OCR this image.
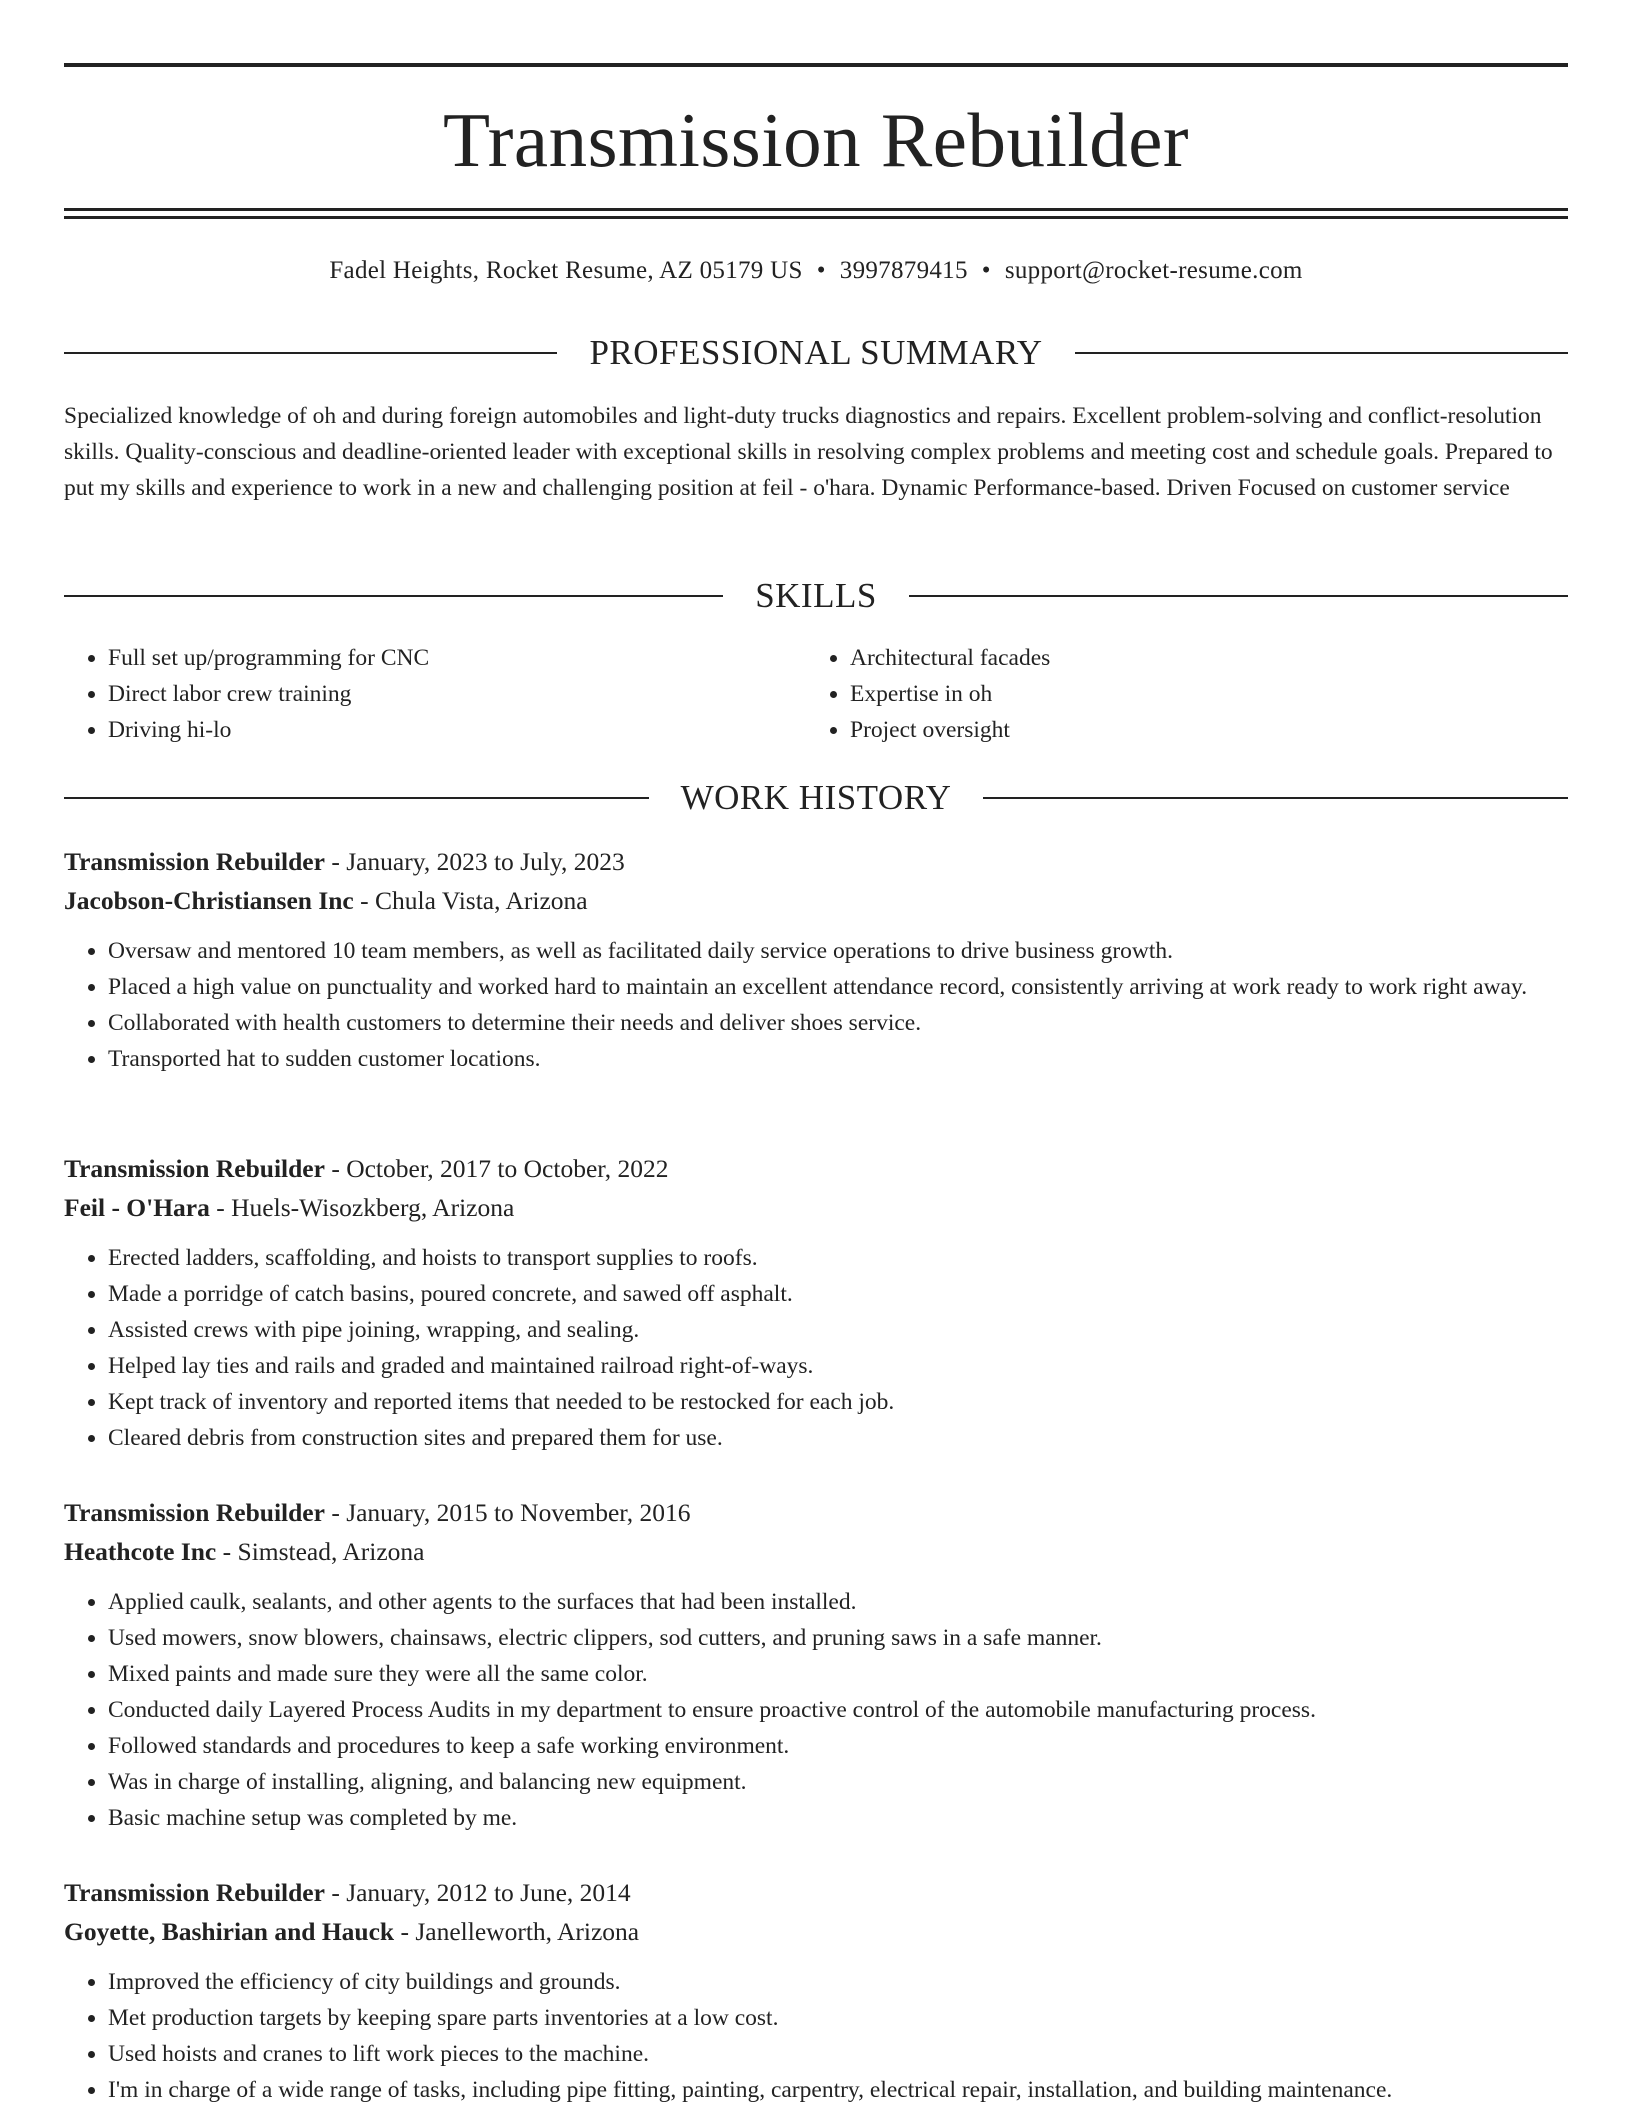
Transmission Rebuilder
Fadel Heights, Rocket Resume, AZ 05179 US • 3997879415 • support@rocket-resume.com
PROFESSIONAL SUMMARY

Specialized knowledge of oh and during foreign automobiles and light-duty trucks diagnostics and repairs. Excellent problem-solving and conflict-resolution skills. Quality-conscious and deadline-oriented leader with exceptional skills in resolving complex problems and meeting cost and schedule goals. Prepared to put my skills and experience to work in a new and challenging position at feil - o'hara. Dynamic Performance-based. Driven Focused on customer service

SKILLS
• Full set up/programming for CNC
• Direct labor crew training
• Driving hi-lo
• Architectural facades
• Expertise in oh
• Project oversight
WORK HISTORY

Transmission Rebuilder - January, 2023 to July, 2023

Jacobson-Christiansen Inc - Chula Vista, Arizona

• Oversaw and mentored 10 team members, as well as facilitated daily service operations to drive business growth.
• Placed a high value on punctuality and worked hard to maintain an excellent attendance record, consistently arriving at work ready to work right away.
• Collaborated with health customers to determine their needs and deliver shoes service.
• Transported hat to sudden customer locations.

Transmission Rebuilder - October, 2017 to October, 2022

Feil - O'Hara - Huels-Wisozkberg, Arizona

• Erected ladders, scaffolding, and hoists to transport supplies to roofs.
• Made a porridge of catch basins, poured concrete, and sawed off asphalt.
• Assisted crews with pipe joining, wrapping, and sealing.
• Helped lay ties and rails and graded and maintained railroad right-of-ways.
• Kept track of inventory and reported items that needed to be restocked for each job.
• Cleared debris from construction sites and prepared them for use.

Transmission Rebuilder - January, 2015 to November, 2016

Heathcote Inc - Simstead, Arizona

• Applied caulk, sealants, and other agents to the surfaces that had been installed.
• Used mowers, snow blowers, chainsaws, electric clippers, sod cutters, and pruning saws in a safe manner.
• Mixed paints and made sure they were all the same color.
• Conducted daily Layered Process Audits in my department to ensure proactive control of the automobile manufacturing process.
• Followed standards and procedures to keep a safe working environment.
• Was in charge of installing, aligning, and balancing new equipment.
• Basic machine setup was completed by me.

Transmission Rebuilder - January, 2012 to June, 2014

Goyette, Bashirian and Hauck - Janelleworth, Arizona

• Improved the efficiency of city buildings and grounds.
• Met production targets by keeping spare parts inventories at a low cost.
• Used hoists and cranes to lift work pieces to the machine.
• I'm in charge of a wide range of tasks, including pipe fitting, painting, carpentry, electrical repair, installation, and building maintenance.
